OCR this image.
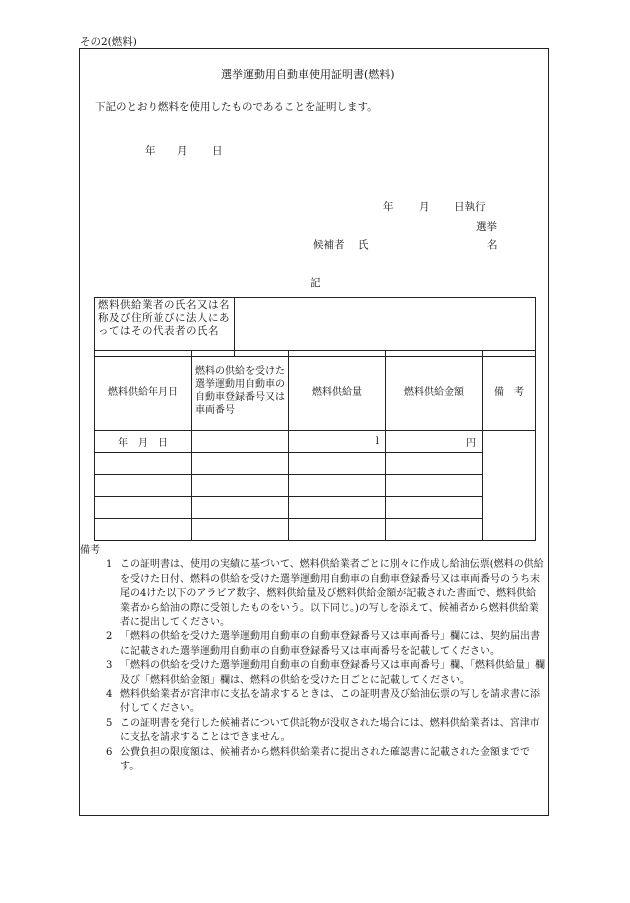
その2(燃料)
選挙運動用自動車使用証明書(燃料)
下記のとおり燃料を使用したものであることを証明します。
年 月 日
年 月 日執行
選挙
候補者 氏	名
記
燃料供給業者の氏名又は名称及び住所並びに法人にあってはその代表者の氏名	
燃料供給年月日	燃料の供給を受けた選挙運動用自動車の自動車登録番号又は車両番号	燃料供給量	燃料供給金額	備　考
年　月　日		l	円	

備考
1 この証明書は、使用の実績に基づいて、燃料供給業者ごとに別々に作成し給油伝票(燃料の供給を受けた日付、燃料の供給を受けた選挙運動用自動車の自動車登録番号又は車両番号のうち末尾の4けた以下のアラビア数字、燃料供給量及び燃料供給金額が記載された書面で、燃料供給業者から給油の際に受領したものをいう。以下同じ。)の写しを添えて、候補者から燃料供給業者に提出してください。
2 「燃料の供給を受けた選挙運動用自動車の自動車登録番号又は車両番号」欄には、契約届出書に記載された選挙運動用自動車の自動車登録番号又は車両番号を記載してください。
3 「燃料の供給を受けた選挙運動用自動車の自動車登録番号又は車両番号」欄、「燃料供給量」欄及び「燃料供給金額」欄は、燃料の供給を受けた日ごとに記載してください。
4 燃料供給業者が宮津市に支払を請求するときは、この証明書及び給油伝票の写しを請求書に添付してください。
5 この証明書を発行した候補者について供託物が没収された場合には、燃料供給業者は、宮津市に支払を請求することはできません。
6 公費負担の限度額は、候補者から燃料供給業者に提出された確認書に記載された金額までです。
